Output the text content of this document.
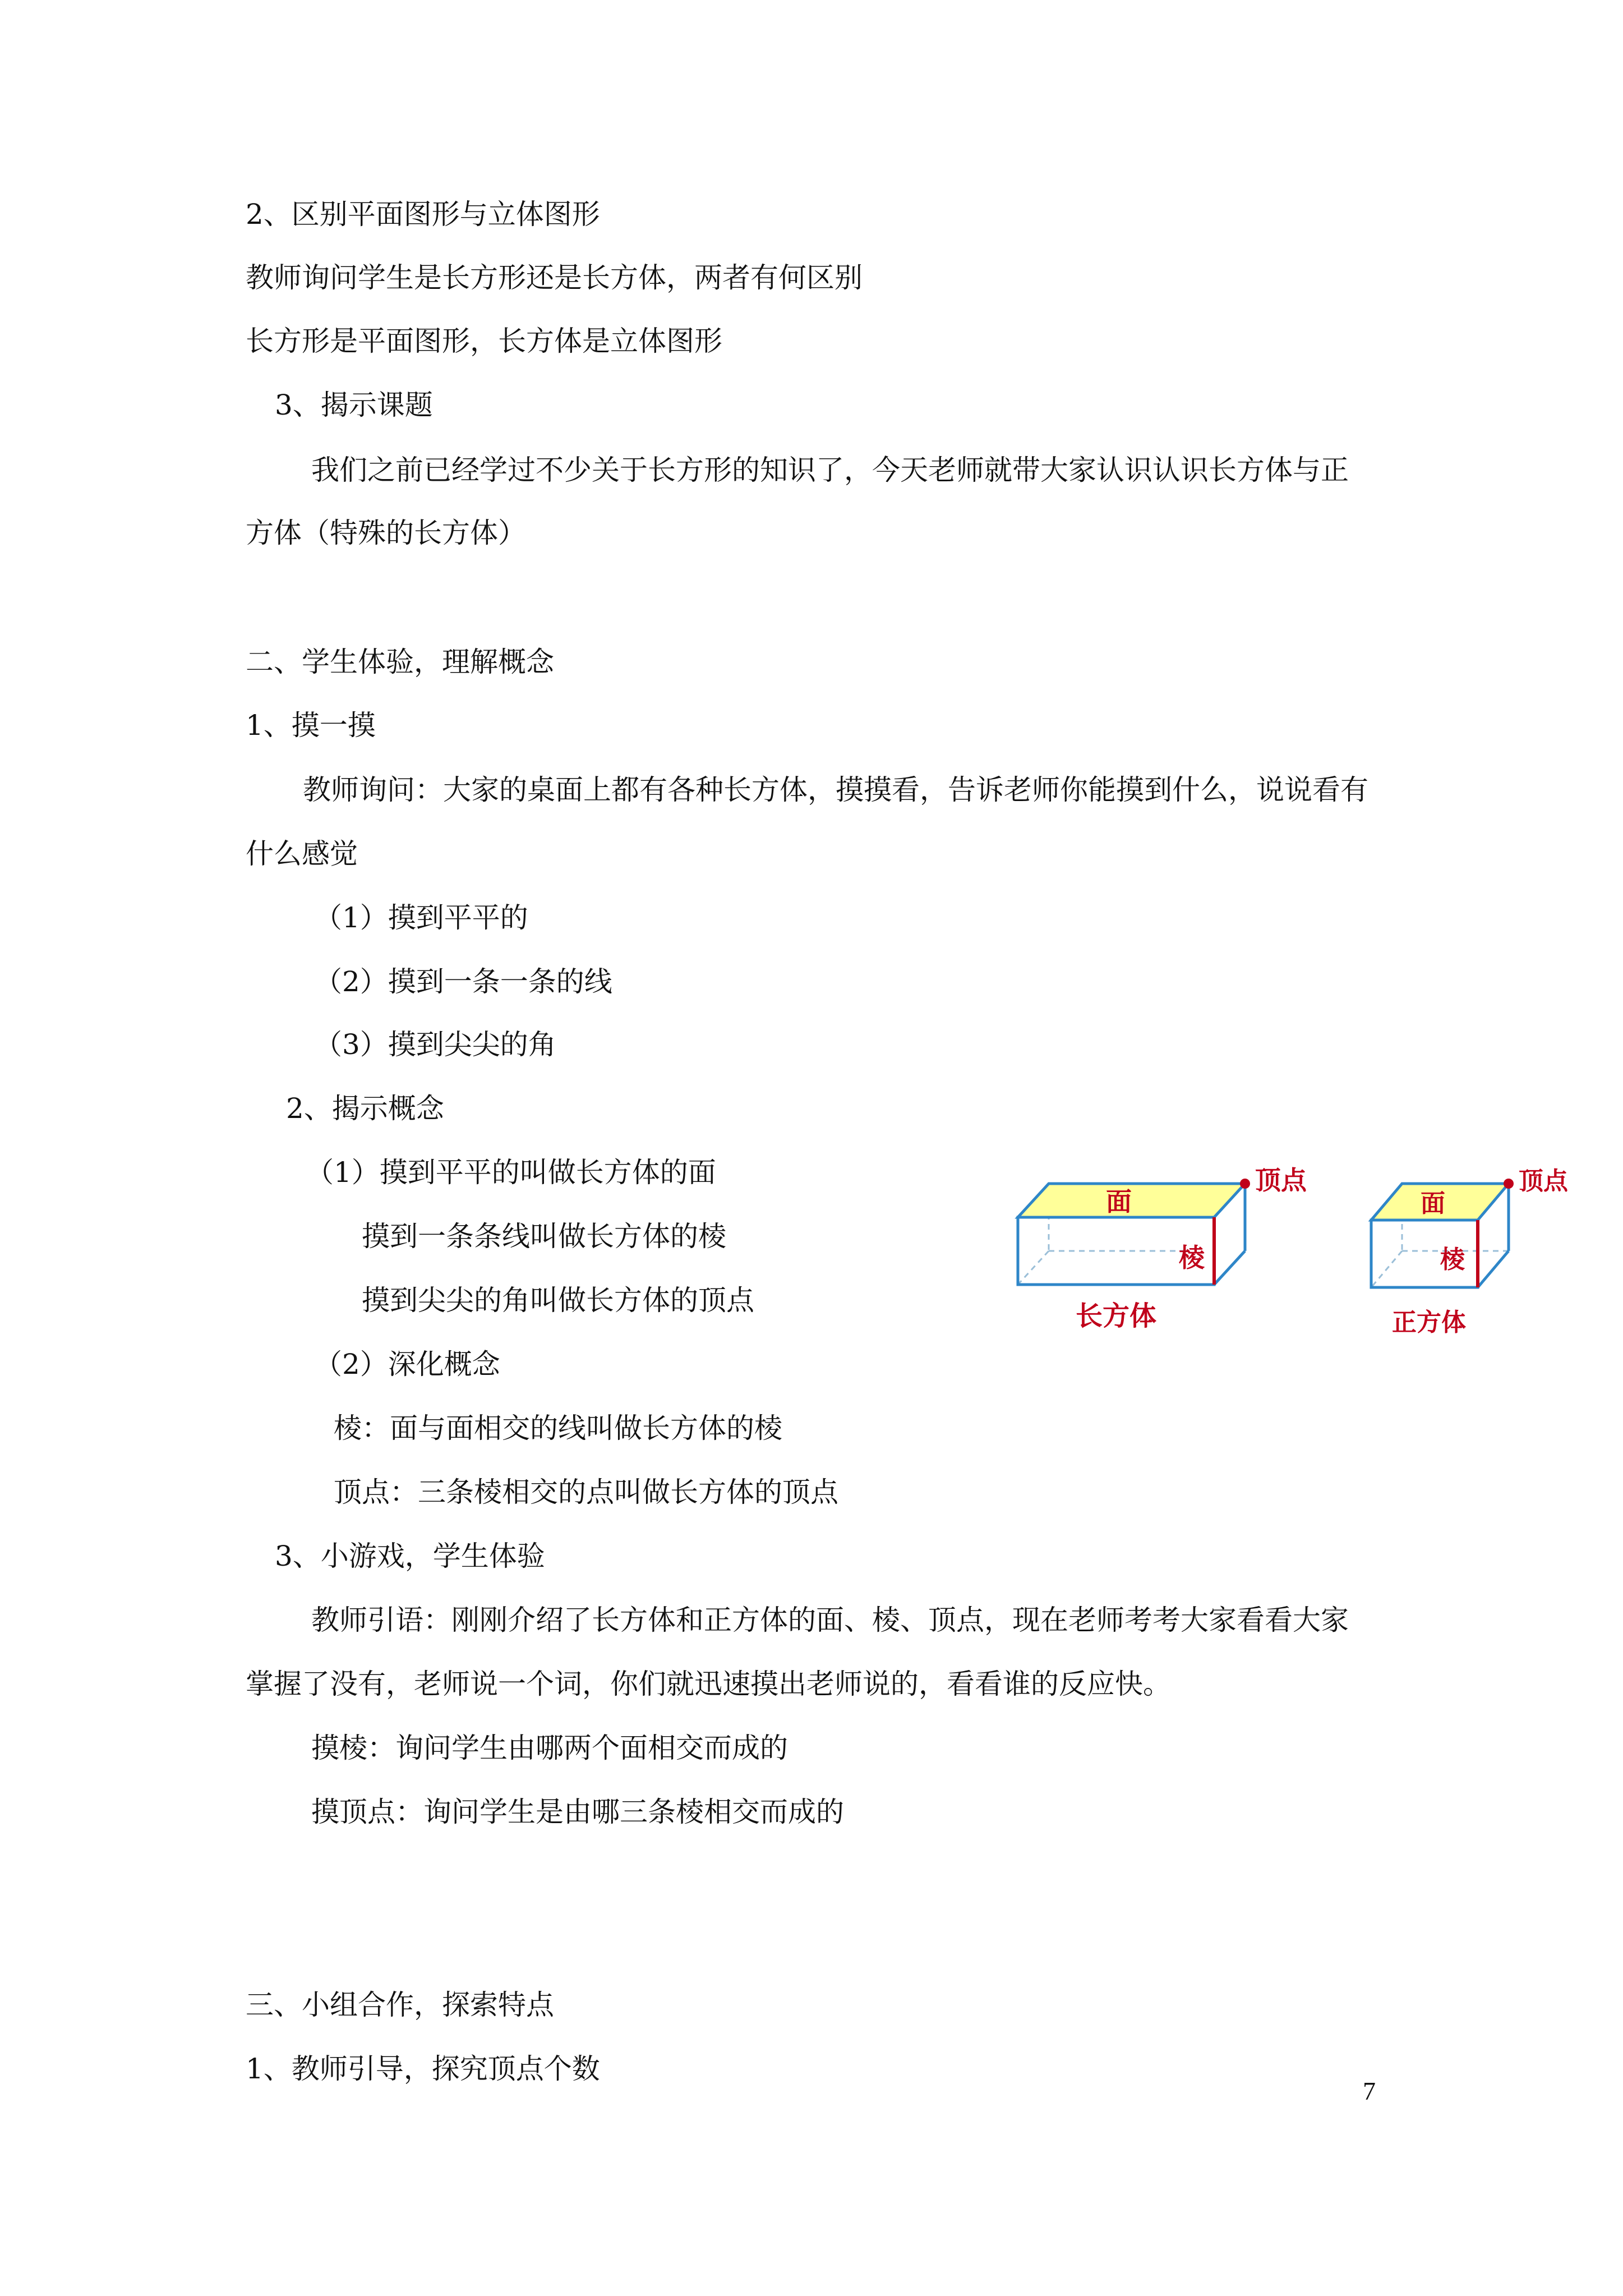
2、区别平面图形与立体图形
教师询问学生是长方形还是长方体，两者有何区别
长方形是平面图形，长方体是立体图形
3、揭示课题
我们之前已经学过不少关于长方形的知识了，今天老师就带大家认识认识长方体与正
方体（特殊的长方体）
二、学生体验，理解概念
1、摸一摸
教师询问：大家的桌面上都有各种长方体，摸摸看，告诉老师你能摸到什么，说说看有
什么感觉
（1）摸到平平的
（2）摸到一条一条的线
（3）摸到尖尖的角
2、揭示概念
（1）摸到平平的叫做长方体的面
摸到一条条线叫做长方体的棱
摸到尖尖的角叫做长方体的顶点
（2）深化概念
棱：面与面相交的线叫做长方体的棱
顶点：三条棱相交的点叫做长方体的顶点
3、小游戏，学生体验
教师引语：刚刚介绍了长方体和正方体的面、棱、顶点，现在老师考考大家看看大家
掌握了没有，老师说一个词，你们就迅速摸出老师说的，看看谁的反应快。
摸棱：询问学生由哪两个面相交而成的
摸顶点：询问学生是由哪三条棱相交而成的
三、小组合作，探索特点
1、教师引导，探究顶点个数
面
棱
顶点
长方体
面
棱
顶点
正方体
7
